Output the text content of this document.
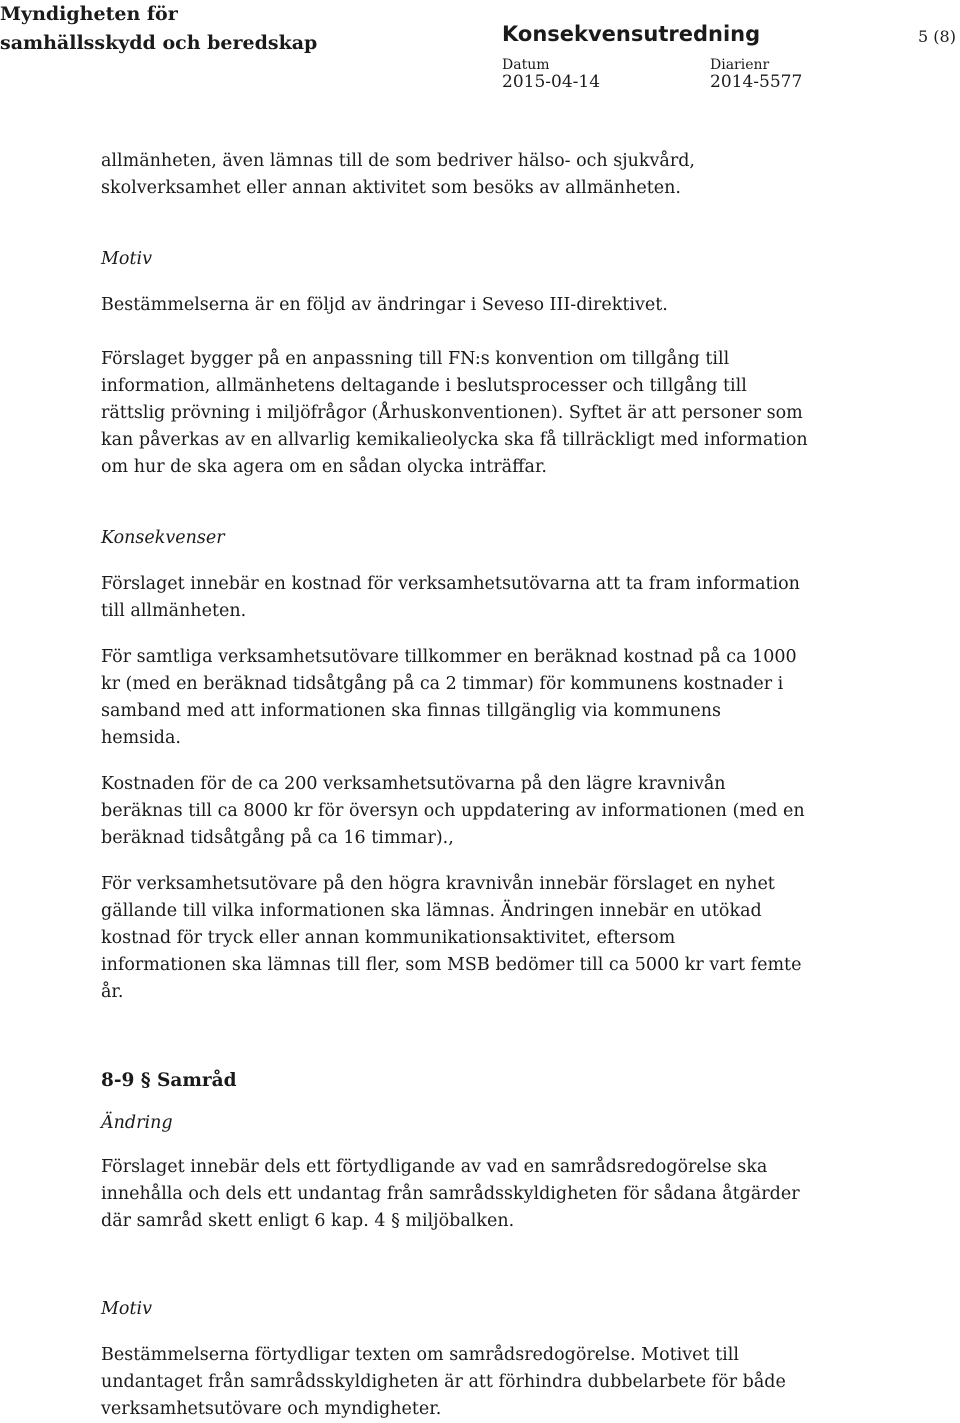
Myndigheten för
samhällsskydd och beredskap	Konsekvensutredning	5 (8)
Datum
2015-04-14
Diarienr
2014-5577

allmänheten, även lämnas till de som bedriver hälso- och sjukvård,
skolverksamhet eller annan aktivitet som besöks av allmänheten.

Motiv

Bestämmelserna är en följd av ändringar i Seveso III-direktivet.

Förslaget bygger på en anpassning till FN:s konvention om tillgång till
information, allmänhetens deltagande i beslutsprocesser och tillgång till
rättslig prövning i miljöfrågor (Århuskonventionen). Syftet är att personer som
kan påverkas av en allvarlig kemikalieolycka ska få tillräckligt med information
om hur de ska agera om en sådan olycka inträffar.

Konsekvenser

Förslaget innebär en kostnad för verksamhetsutövarna att ta fram information
till allmänheten.

För samtliga verksamhetsutövare tillkommer en beräknad kostnad på ca 1000
kr (med en beräknad tidsåtgång på ca 2 timmar) för kommunens kostnader i
samband med att informationen ska finnas tillgänglig via kommunens
hemsida.

Kostnaden för de ca 200 verksamhetsutövarna på den lägre kravnivån
beräknas till ca 8000 kr för översyn och uppdatering av informationen (med en
beräknad tidsåtgång på ca 16 timmar).,

För verksamhetsutövare på den högra kravnivån innebär förslaget en nyhet
gällande till vilka informationen ska lämnas. Ändringen innebär en utökad
kostnad för tryck eller annan kommunikationsaktivitet, eftersom
informationen ska lämnas till fler, som MSB bedömer till ca 5000 kr vart femte
år.

8-9 § Samråd

Ändring

Förslaget innebär dels ett förtydligande av vad en samrådsredogörelse ska
innehålla och dels ett undantag från samrådsskyldigheten för sådana åtgärder
där samråd skett enligt 6 kap. 4 § miljöbalken.

Motiv

Bestämmelserna förtydligar texten om samrådsredogörelse. Motivet till
undantaget från samrådsskyldigheten är att förhindra dubbelarbete för både
verksamhetsutövare och myndigheter.
